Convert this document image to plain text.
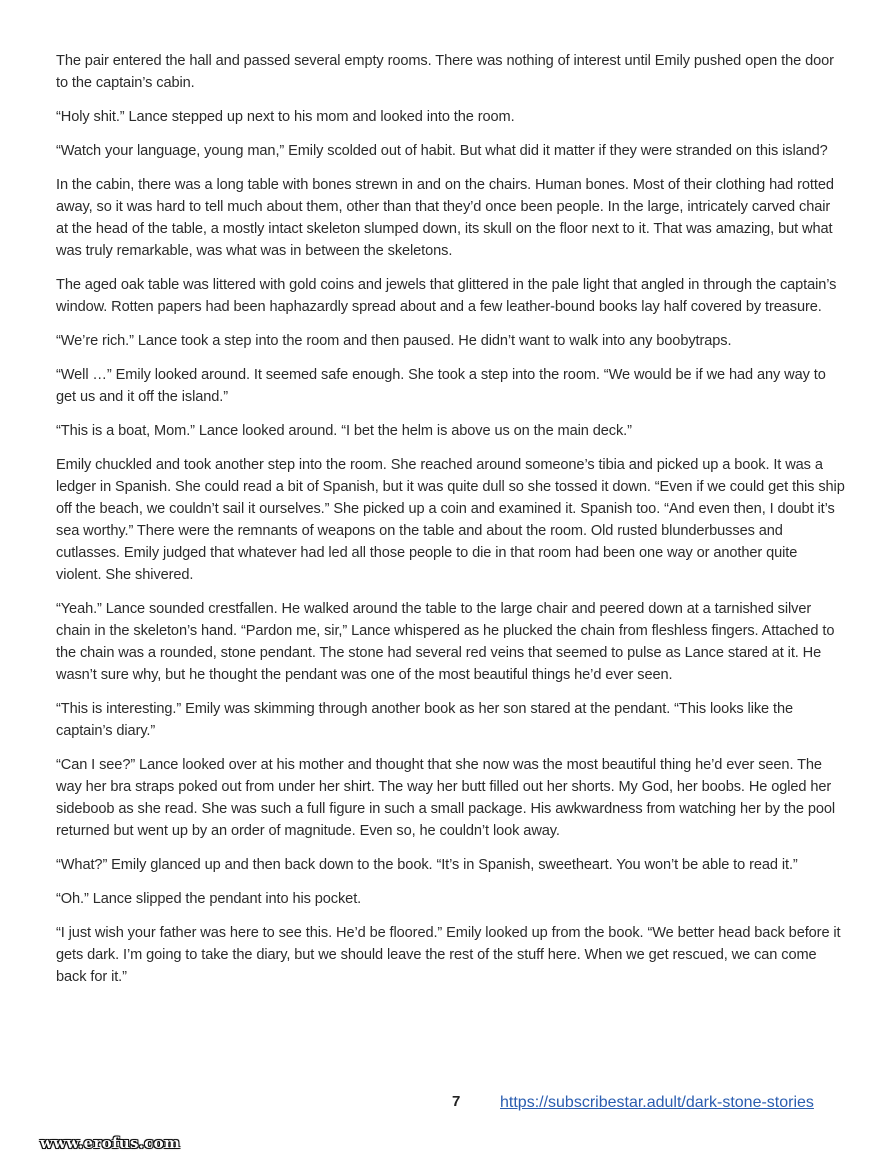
The pair entered the hall and passed several empty rooms. There was nothing of interest until Emily pushed open the door to the captain’s cabin.

“Holy shit.” Lance stepped up next to his mom and looked into the room.

“Watch your language, young man,” Emily scolded out of habit. But what did it matter if they were stranded on this island?

In the cabin, there was a long table with bones strewn in and on the chairs. Human bones. Most of their clothing had rotted away, so it was hard to tell much about them, other than that they’d once been people. In the large, intricately carved chair at the head of the table, a mostly intact skeleton slumped down, its skull on the floor next to it. That was amazing, but what was truly remarkable, was what was in between the skeletons.

The aged oak table was littered with gold coins and jewels that glittered in the pale light that angled in through the captain’s window. Rotten papers had been haphazardly spread about and a few leather-bound books lay half covered by treasure.

“We’re rich.” Lance took a step into the room and then paused. He didn’t want to walk into any boobytraps.

“Well …” Emily looked around. It seemed safe enough. She took a step into the room. “We would be if we had any way to get us and it off the island.”

“This is a boat, Mom.” Lance looked around. “I bet the helm is above us on the main deck.”

Emily chuckled and took another step into the room. She reached around someone’s tibia and picked up a book. It was a ledger in Spanish. She could read a bit of Spanish, but it was quite dull so she tossed it down. “Even if we could get this ship off the beach, we couldn’t sail it ourselves.” She picked up a coin and examined it. Spanish too. “And even then, I doubt it’s sea worthy.” There were the remnants of weapons on the table and about the room. Old rusted blunderbusses and cutlasses. Emily judged that whatever had led all those people to die in that room had been one way or another quite violent. She shivered.

“Yeah.” Lance sounded crestfallen. He walked around the table to the large chair and peered down at a tarnished silver chain in the skeleton’s hand. “Pardon me, sir,” Lance whispered as he plucked the chain from fleshless fingers. Attached to the chain was a rounded, stone pendant. The stone had several red veins that seemed to pulse as Lance stared at it. He wasn’t sure why, but he thought the pendant was one of the most beautiful things he’d ever seen.

“This is interesting.” Emily was skimming through another book as her son stared at the pendant. “This looks like the captain’s diary.”

“Can I see?” Lance looked over at his mother and thought that she now was the most beautiful thing he’d ever seen. The way her bra straps poked out from under her shirt. The way her butt filled out her shorts. My God, her boobs. He ogled her sideboob as she read. She was such a full figure in such a small package. His awkwardness from watching her by the pool returned but went up by an order of magnitude. Even so, he couldn’t look away.

“What?” Emily glanced up and then back down to the book. “It’s in Spanish, sweetheart. You won’t be able to read it.”

“Oh.” Lance slipped the pendant into his pocket.

“I just wish your father was here to see this. He’d be floored.” Emily looked up from the book. “We better head back before it gets dark. I’m going to take the diary, but we should leave the rest of the stuff here. When we get rescued, we can come back for it.”

7 https://subscribestar.adult/dark-stone-stories
www.erofus.com
